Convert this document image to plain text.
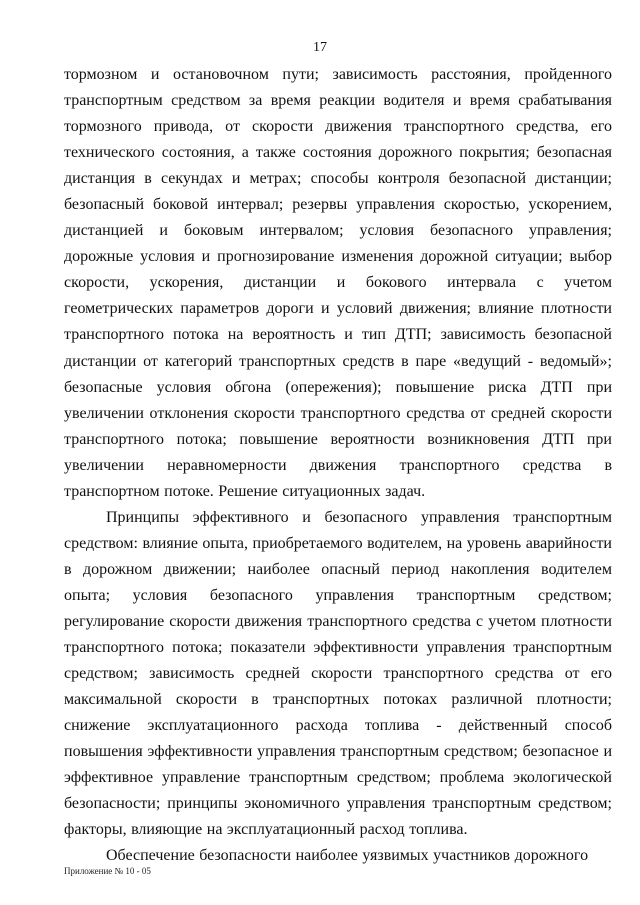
17

тормозном и остановочном пути; зависимость расстояния, пройденного транспортным средством за время реакции водителя и время срабатывания тормозного привода, от скорости движения транспортного средства, его технического состояния, а также состояния дорожного покрытия; безопасная дистанция в секундах и метрах; способы контроля безопасной дистанции; безопасный боковой интервал; резервы управления скоростью, ускорением, дистанцией и боковым интервалом; условия безопасного управления; дорожные условия и прогнозирование изменения дорожной ситуации; выбор скорости, ускорения, дистанции и бокового интервала с учетом геометрических параметров дороги и условий движения; влияние плотности транспортного потока на вероятность и тип ДТП; зависимость безопасной дистанции от категорий транспортных средств в паре «ведущий - ведомый»; безопасные условия обгона (опережения); повышение риска ДТП при увеличении отклонения скорости транспортного средства от средней скорости транспортного потока; повышение вероятности возникновения ДТП при увеличении неравномерности движения транспортного средства в транспортном потоке. Решение ситуационных задач.

Принципы эффективного и безопасного управления транспортным средством: влияние опыта, приобретаемого водителем, на уровень аварийности в дорожном движении; наиболее опасный период накопления водителем опыта; условия безопасного управления транспортным средством; регулирование скорости движения транспортного средства с учетом плотности транспортного потока; показатели эффективности управления транспортным средством; зависимость средней скорости транспортного средства от его максимальной скорости в транспортных потоках различной плотности; снижение эксплуатационного расхода топлива - действенный способ повышения эффективности управления транспортным средством; безопасное и эффективное управление транспортным средством; проблема экологической безопасности; принципы экономичного управления транспортным средством; факторы, влияющие на эксплуатационный расход топлива.

Обеспечение безопасности наиболее уязвимых участников дорожного

Приложение № 10 - 05
